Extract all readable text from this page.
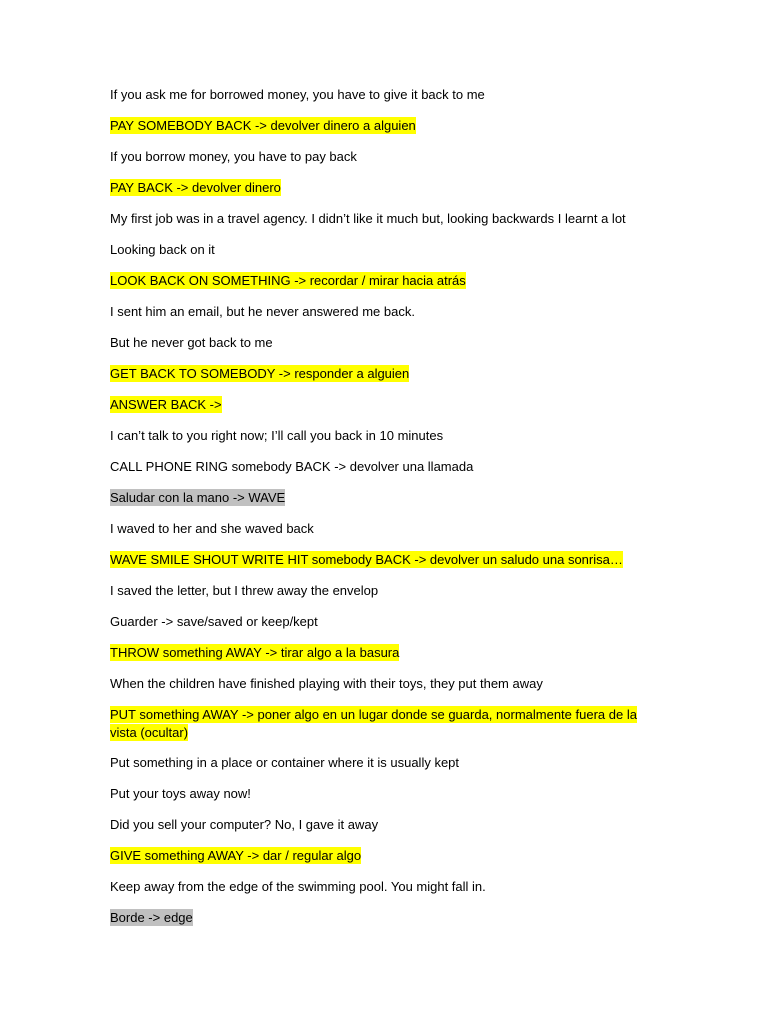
If you ask me for borrowed money, you have to give it back to me

PAY SOMEBODY BACK -> devolver dinero a alguien

If you borrow money, you have to pay back

PAY BACK -> devolver dinero

My first job was in a travel agency. I didn’t like it much but, looking backwards I learnt a lot

Looking back on it

LOOK BACK ON SOMETHING -> recordar / mirar hacia atrás

I sent him an email, but he never answered me back.

But he never got back to me

GET BACK TO SOMEBODY -> responder a alguien

ANSWER BACK ->

I can’t talk to you right now; I’ll call you back in 10 minutes

CALL PHONE RING somebody BACK -> devolver una llamada

Saludar con la mano -> WAVE

I waved to her and she waved back

WAVE SMILE SHOUT WRITE HIT somebody BACK -> devolver un saludo una sonrisa…

I saved the letter, but I threw away the envelop

Guarder -> save/saved or keep/kept

THROW something AWAY -> tirar algo a la basura

When the children have finished playing with their toys, they put them away

PUT something AWAY -> poner algo en un lugar donde se guarda, normalmente fuera de la vista (ocultar)

Put something in a place or container where it is usually kept

Put your toys away now!

Did you sell your computer? No, I gave it away

GIVE something AWAY -> dar / regular algo

Keep away from the edge of the swimming pool. You might fall in.

Borde -> edge
